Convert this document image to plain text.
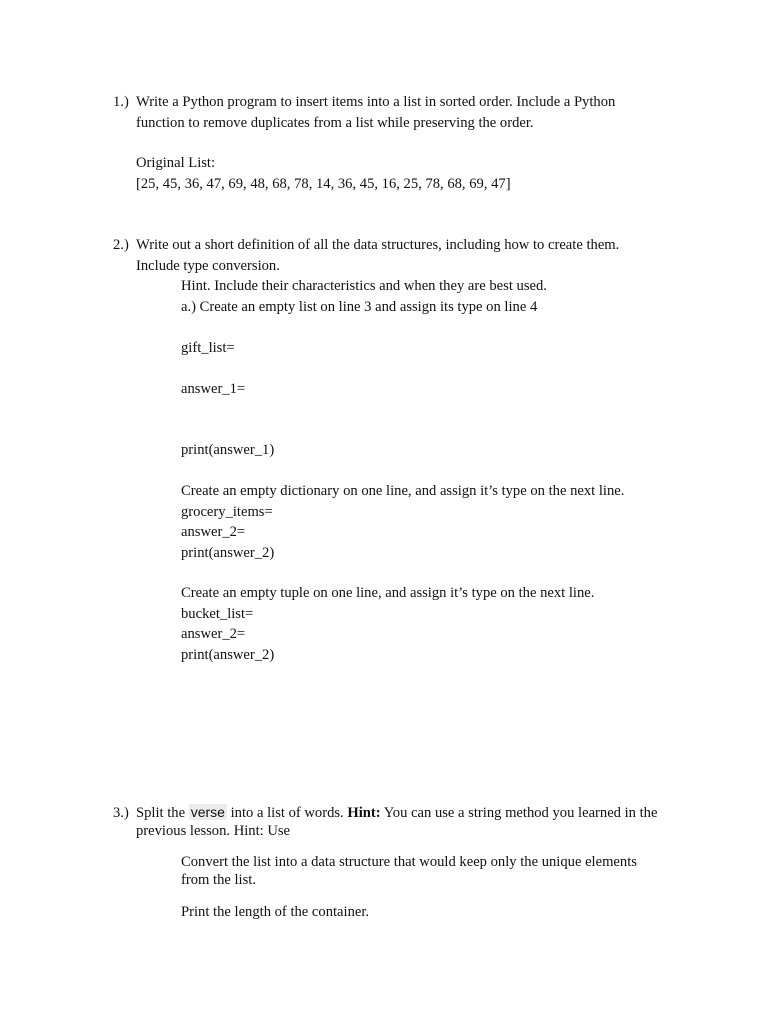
1.) Write a Python program to insert items into a list in sorted order. Include a Python
function to remove duplicates from a list while preserving the order.
Original List:
[25, 45, 36, 47, 69, 48, 68, 78, 14, 36, 45, 16, 25, 78, 68, 69, 47]
2.) Write out a short definition of all the data structures, including how to create them.
Include type conversion.
Hint. Include their characteristics and when they are best used.
a.) Create an empty list on line 3 and assign its type on line 4
gift_list=
answer_1=
print(answer_1)
Create an empty dictionary on one line, and assign it’s type on the next line.
grocery_items=
answer_2=
print(answer_2)
Create an empty tuple on one line, and assign it’s type on the next line.
bucket_list=
answer_2=
print(answer_2)
3.) Split the verse into a list of words. Hint: You can use a string method you learned in the
previous lesson. Hint: Use
Convert the list into a data structure that would keep only the unique elements
from the list.
Print the length of the container.
